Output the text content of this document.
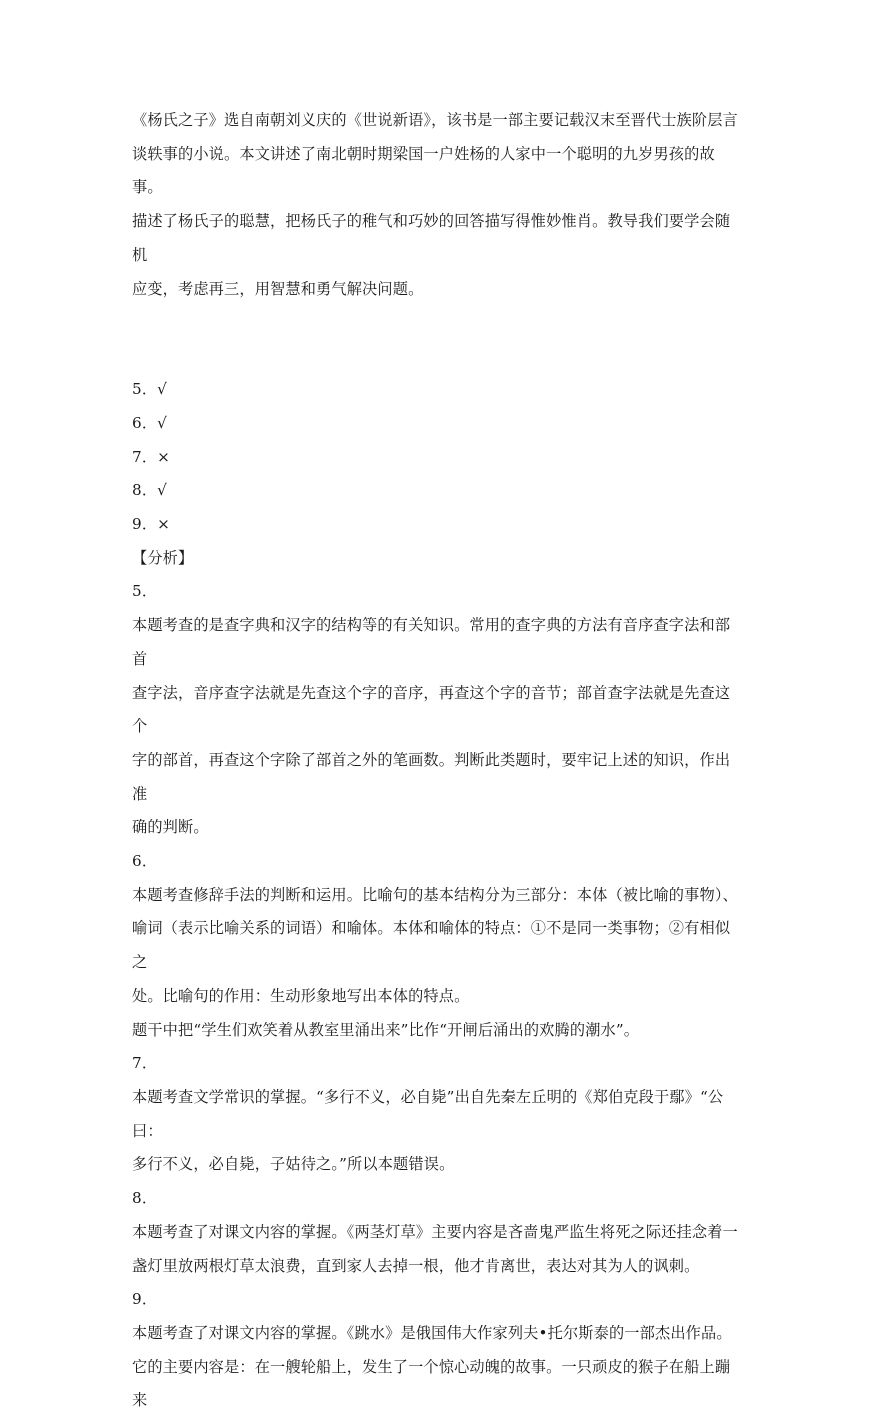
《杨氏之子》选自南朝刘义庆的《世说新语》，该书是一部主要记载汉末至晋代士族阶层言

谈轶事的小说。本文讲述了南北朝时期梁国一户姓杨的人家中一个聪明的九岁男孩的故事。

描述了杨氏子的聪慧，把杨氏子的稚气和巧妙的回答描写得惟妙惟肖。教导我们要学会随机

应变，考虑再三，用智慧和勇气解决问题。

5．√

6．√

7．×

8．√

9．×

【分析】

5．

本题考查的是查字典和汉字的结构等的有关知识。常用的查字典的方法有音序查字法和部首

查字法，音序查字法就是先查这个字的音序，再查这个字的音节；部首查字法就是先查这个

字的部首，再查这个字除了部首之外的笔画数。判断此类题时，要牢记上述的知识，作出准

确的判断。

6．

本题考查修辞手法的判断和运用。比喻句的基本结构分为三部分：本体（被比喻的事物）、

喻词（表示比喻关系的词语）和喻体。本体和喻体的特点：①不是同一类事物；②有相似之

处。比喻句的作用：生动形象地写出本体的特点。

题干中把“学生们欢笑着从教室里涌出来”比作“开闸后涌出的欢腾的潮水”。

7．

本题考查文学常识的掌握。“多行不义，必自毙”出自先秦左丘明的《郑伯克段于鄢》“公曰：

多行不义，必自毙，子姑待之。”所以本题错误。

8．

本题考查了对课文内容的掌握。《两茎灯草》主要内容是吝啬鬼严监生将死之际还挂念着一

盏灯里放两根灯草太浪费，直到家人去掉一根，他才肯离世，表达对其为人的讽刺。

9．

本题考查了对课文内容的掌握。《跳水》是俄国伟大作家列夫•托尔斯泰的一部杰出作品。

它的主要内容是：在一艘轮船上，发生了一个惊心动魄的故事。一只顽皮的猴子在船上蹦来
